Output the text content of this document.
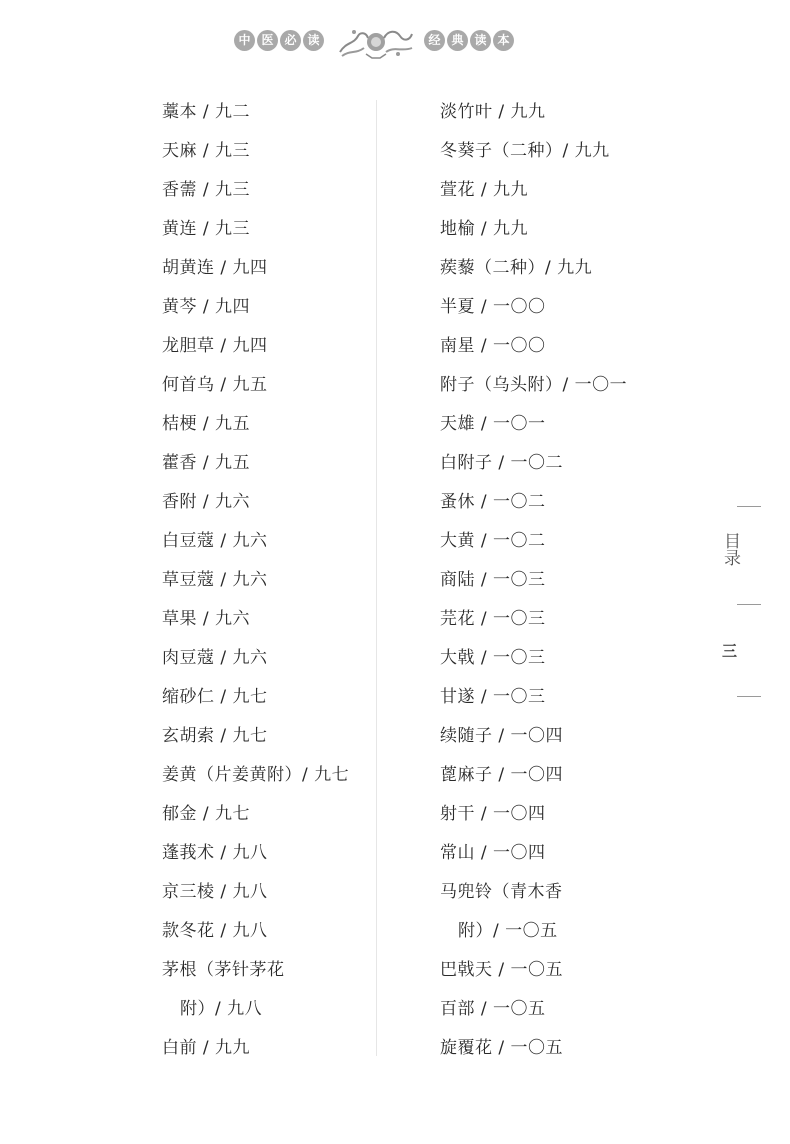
中 医 必 读	经 典 读 本
藁本 / 九二
天麻 / 九三
香薷 / 九三
黄连 / 九三
胡黄连 / 九四
黄芩 / 九四
龙胆草 / 九四
何首乌 / 九五
桔梗 / 九五
藿香 / 九五
香附 / 九六
白豆蔻 / 九六
草豆蔻 / 九六
草果 / 九六
肉豆蔻 / 九六
缩砂仁 / 九七
玄胡索 / 九七
姜黄（片姜黄附）/ 九七
郁金 / 九七
蓬莪术 / 九八
京三棱 / 九八
款冬花 / 九八
茅根（茅针茅花
附）/ 九八
白前 / 九九
淡竹叶 / 九九
冬葵子（二种）/ 九九
萱花 / 九九
地榆 / 九九
蒺藜（二种）/ 九九
半夏 / 一〇〇
南星 / 一〇〇
附子（乌头附）/ 一〇一
天雄 / 一〇一
白附子 / 一〇二
蚤休 / 一〇二
大黄 / 一〇二
商陆 / 一〇三
芫花 / 一〇三
大戟 / 一〇三
甘遂 / 一〇三
续随子 / 一〇四
蓖麻子 / 一〇四
射干 / 一〇四
常山 / 一〇四
马兜铃（青木香
附）/ 一〇五
巴戟天 / 一〇五
百部 / 一〇五
旋覆花 / 一〇五
目录
三
